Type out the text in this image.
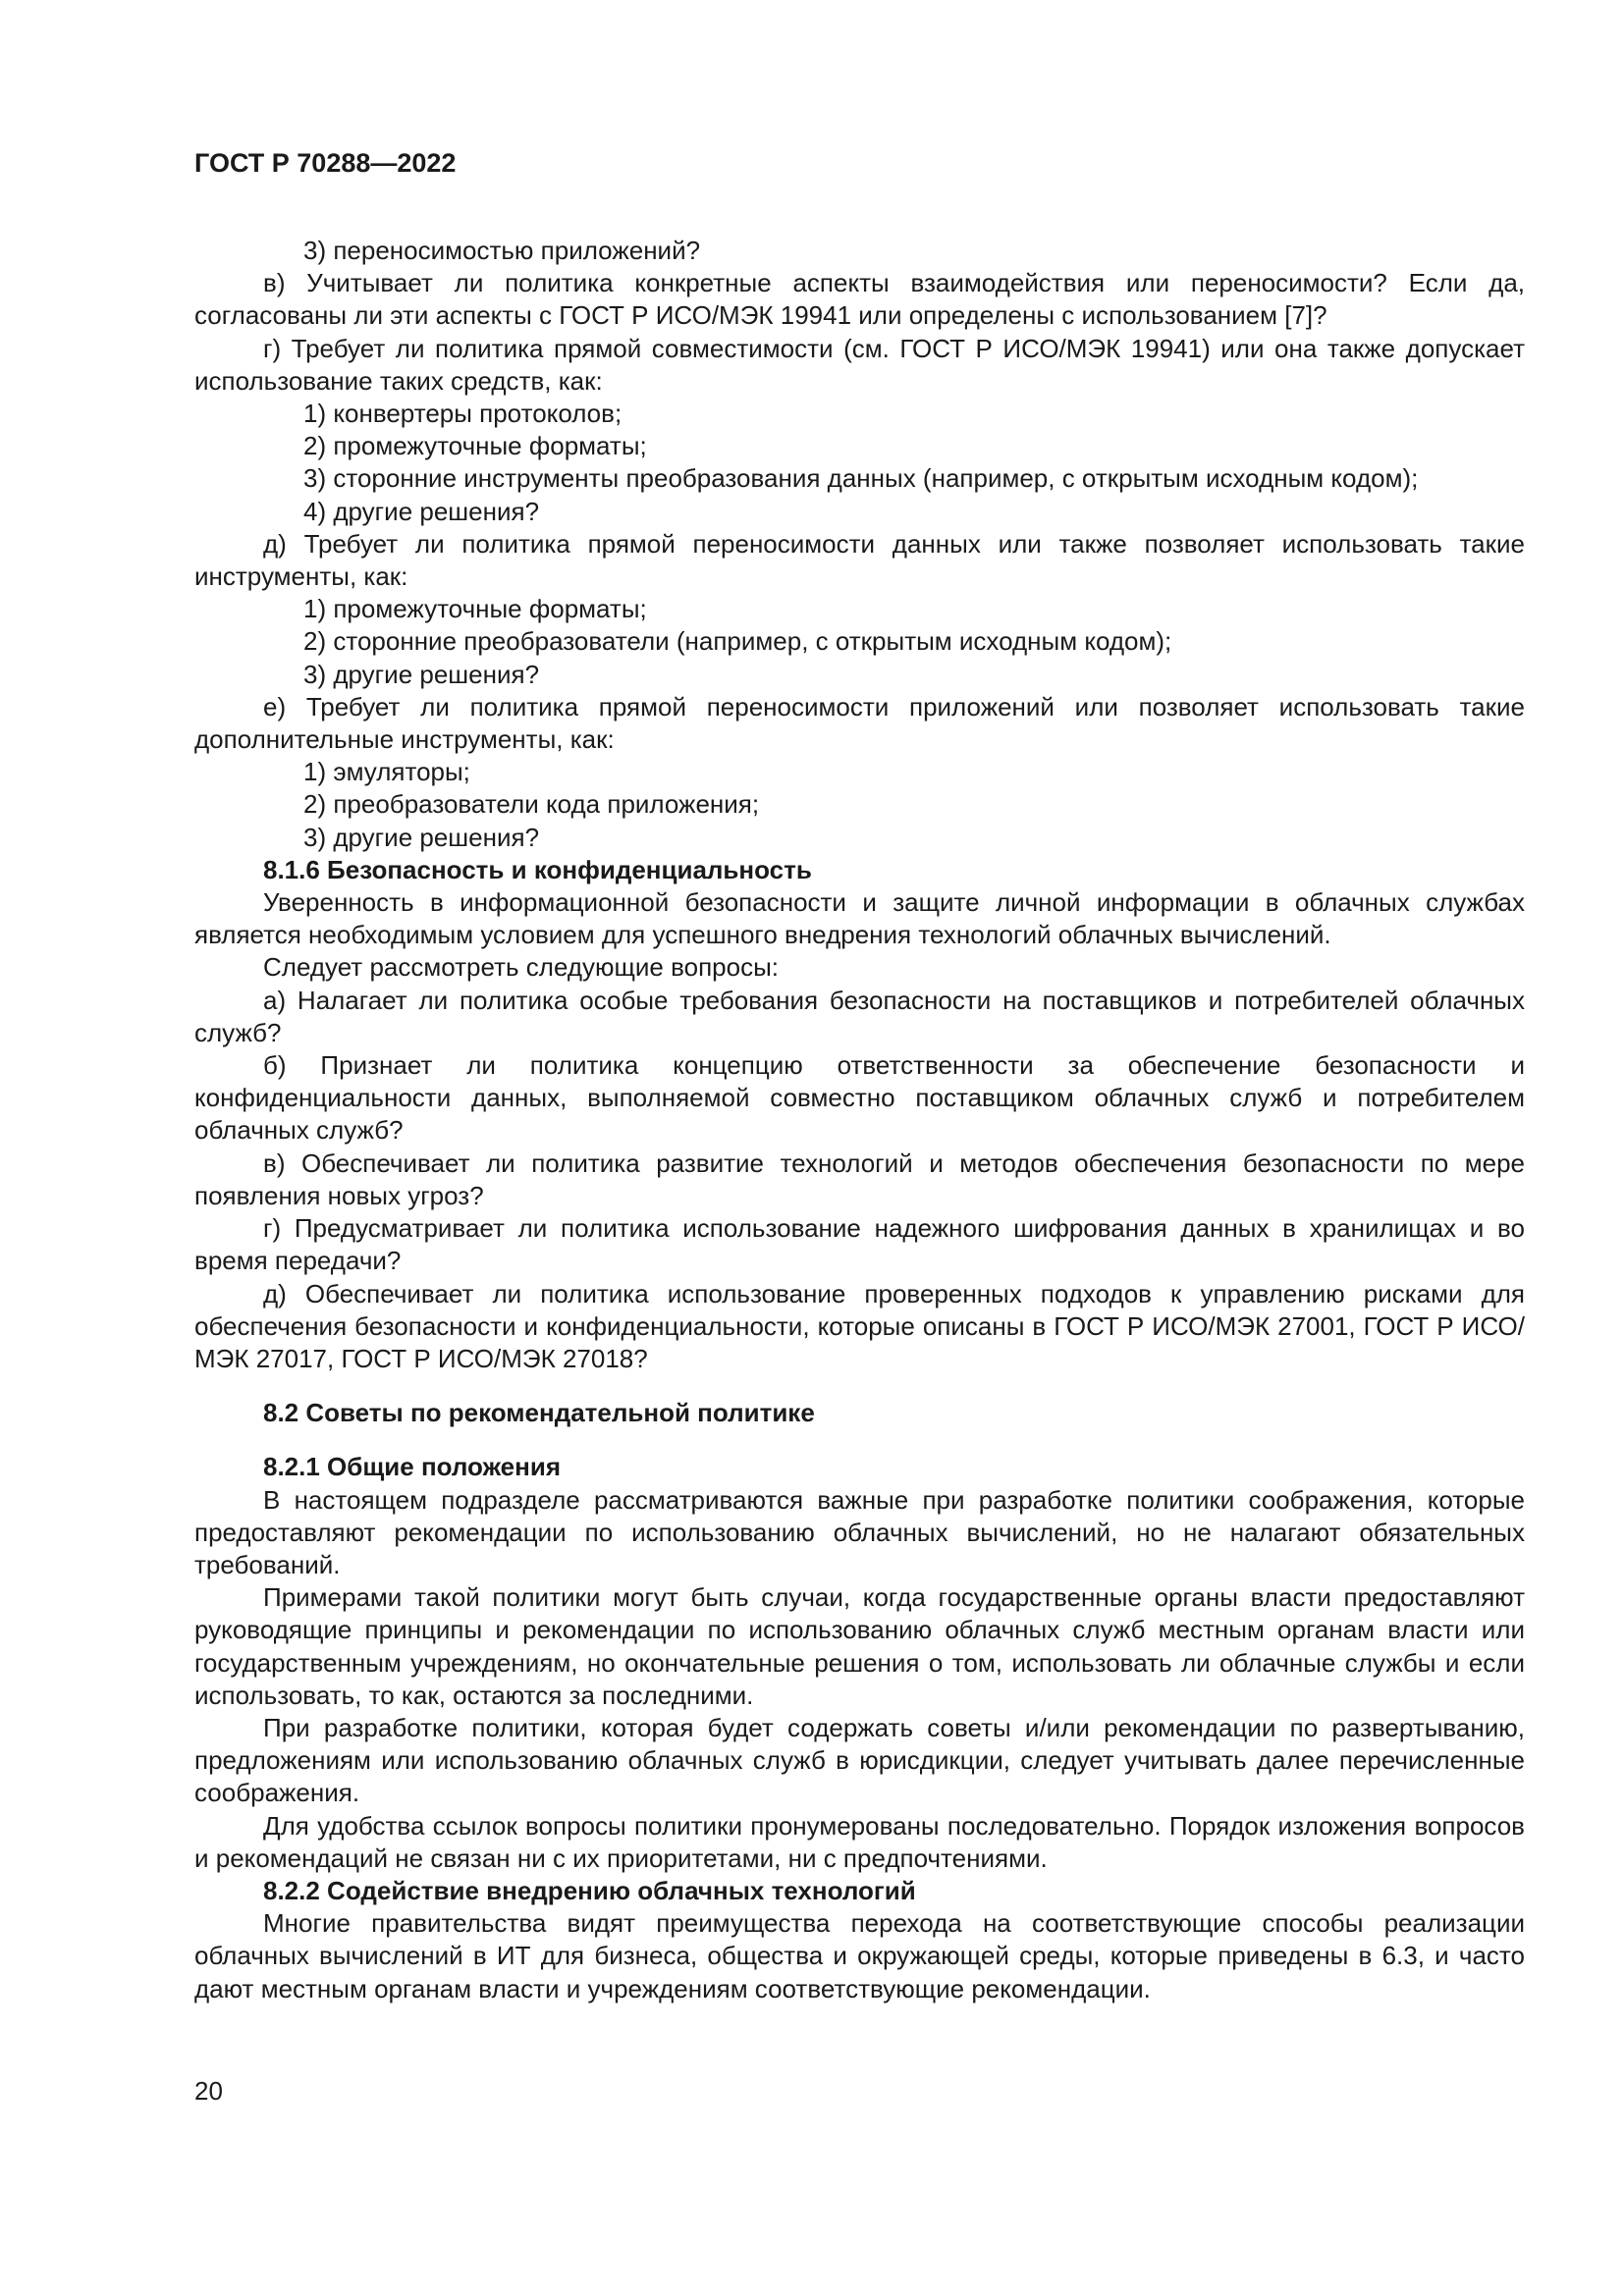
ГОСТ Р 70288—2022

3) переносимостью приложений?

в) Учитывает ли политика конкретные аспекты взаимодействия или переносимости? Если да, согласованы ли эти аспекты с ГОСТ Р ИСО/МЭК 19941 или определены с использованием [7]?

г) Требует ли политика прямой совместимости (см. ГОСТ Р ИСО/МЭК 19941) или она также допускает использование таких средств, как:

1) конвертеры протоколов;

2) промежуточные форматы;

3) сторонние инструменты преобразования данных (например, с открытым исходным кодом);

4) другие решения?

д) Требует ли политика прямой переносимости данных или также позволяет использовать такие инструменты, как:

1) промежуточные форматы;

2) сторонние преобразователи (например, с открытым исходным кодом);

3) другие решения?

е) Требует ли политика прямой переносимости приложений или позволяет использовать такие дополнительные инструменты, как:

1) эмуляторы;

2) преобразователи кода приложения;

3) другие решения?

8.1.6 Безопасность и конфиденциальность

Уверенность в информационной безопасности и защите личной информации в облачных службах является необходимым условием для успешного внедрения технологий облачных вычислений.

Следует рассмотреть следующие вопросы:

а) Налагает ли политика особые требования безопасности на поставщиков и потребителей облачных служб?

б) Признает ли политика концепцию ответственности за обеспечение безопасности и конфиденциальности данных, выполняемой совместно поставщиком облачных служб и потребителем облачных служб?

в) Обеспечивает ли политика развитие технологий и методов обеспечения безопасности по мере появления новых угроз?

г) Предусматривает ли политика использование надежного шифрования данных в хранилищах и во время передачи?

д) Обеспечивает ли политика использование проверенных подходов к управлению рисками для обеспечения безопасности и конфиденциальности, которые описаны в ГОСТ Р ИСО/МЭК 27001, ГОСТ Р ИСО/МЭК 27017, ГОСТ Р ИСО/МЭК 27018?

8.2 Советы по рекомендательной политике
8.2.1 Общие положения

В настоящем подразделе рассматриваются важные при разработке политики соображения, которые предоставляют рекомендации по использованию облачных вычислений, но не налагают обязательных требований.

Примерами такой политики могут быть случаи, когда государственные органы власти предоставляют руководящие принципы и рекомендации по использованию облачных служб местным органам власти или государственным учреждениям, но окончательные решения о том, использовать ли облачные службы и если использовать, то как, остаются за последними.

При разработке политики, которая будет содержать советы и/или рекомендации по развертыванию, предложениям или использованию облачных служб в юрисдикции, следует учитывать далее перечисленные соображения.

Для удобства ссылок вопросы политики пронумерованы последовательно. Порядок изложения вопросов и рекомендаций не связан ни с их приоритетами, ни с предпочтениями.

8.2.2 Содействие внедрению облачных технологий

Многие правительства видят преимущества перехода на соответствующие способы реализации облачных вычислений в ИТ для бизнеса, общества и окружающей среды, которые приведены в 6.3, и часто дают местным органам власти и учреждениям соответствующие рекомендации.

20
